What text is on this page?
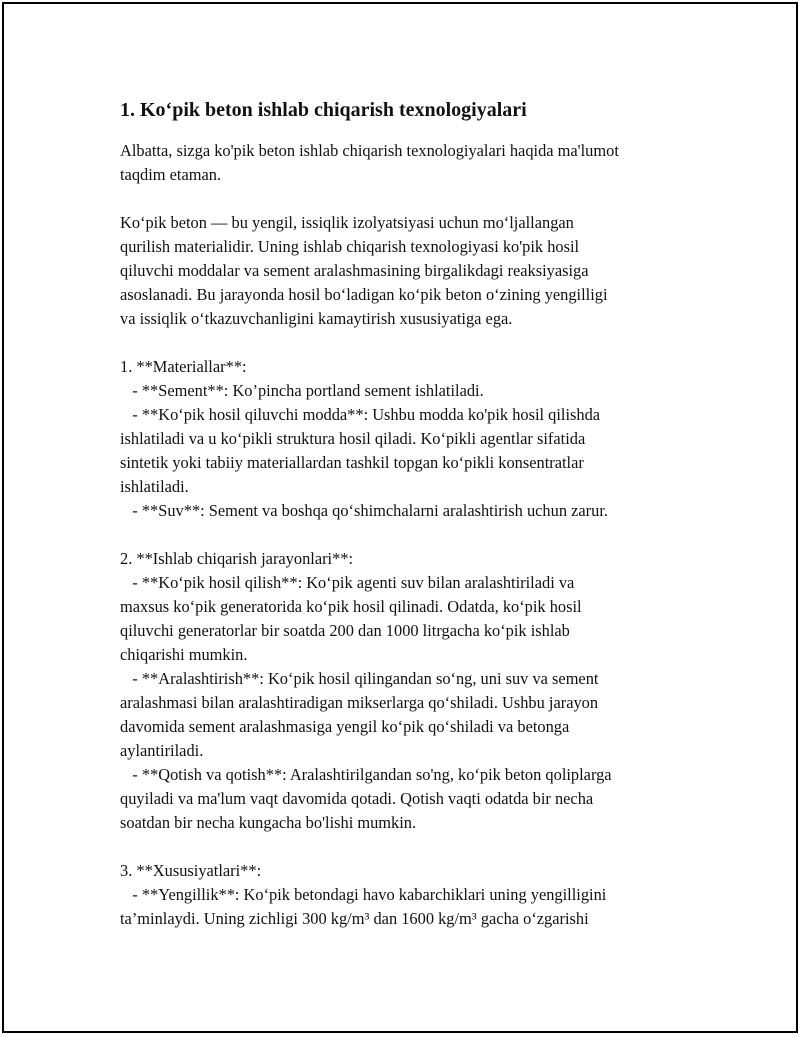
1. Ko‘pik beton ishlab chiqarish texnologiyalari

Albatta, sizga ko'pik beton ishlab chiqarish texnologiyalari haqida ma'lumot
taqdim etaman.

Ko‘pik beton — bu yengil, issiqlik izolyatsiyasi uchun mo‘ljallangan
qurilish materialidir. Uning ishlab chiqarish texnologiyasi ko'pik hosil
qiluvchi moddalar va sement aralashmasining birgalikdagi reaksiyasiga
asoslanadi. Bu jarayonda hosil bo‘ladigan ko‘pik beton o‘zining yengilligi
va issiqlik o‘tkazuvchanligini kamaytirish xususiyatiga ega.

1. **Materiallar**:
- **Sement**: Ko’pincha portland sement ishlatiladi.
- **Ko‘pik hosil qiluvchi modda**: Ushbu modda ko'pik hosil qilishda
ishlatiladi va u ko‘pikli struktura hosil qiladi. Ko‘pikli agentlar sifatida
sintetik yoki tabiiy materiallardan tashkil topgan ko‘pikli konsentratlar
ishlatiladi.
- **Suv**: Sement va boshqa qo‘shimchalarni aralashtirish uchun zarur.

2. **Ishlab chiqarish jarayonlari**:
- **Ko‘pik hosil qilish**: Ko‘pik agenti suv bilan aralashtiriladi va
maxsus ko‘pik generatorida ko‘pik hosil qilinadi. Odatda, ko‘pik hosil
qiluvchi generatorlar bir soatda 200 dan 1000 litrgacha ko‘pik ishlab
chiqarishi mumkin.
- **Aralashtirish**: Ko‘pik hosil qilingandan so‘ng, uni suv va sement
aralashmasi bilan aralashtiradigan mikserlarga qo‘shiladi. Ushbu jarayon
davomida sement aralashmasiga yengil ko‘pik qo‘shiladi va betonga
aylantiriladi.
- **Qotish va qotish**: Aralashtirilgandan so'ng, ko‘pik beton qoliplarga
quyiladi va ma'lum vaqt davomida qotadi. Qotish vaqti odatda bir necha
soatdan bir necha kungacha bo'lishi mumkin.

3. **Xususiyatlari**:
- **Yengillik**: Ko‘pik betondagi havo kabarchiklari uning yengilligini
ta’minlaydi. Uning zichligi 300 kg/m³ dan 1600 kg/m³ gacha o‘zgarishi
